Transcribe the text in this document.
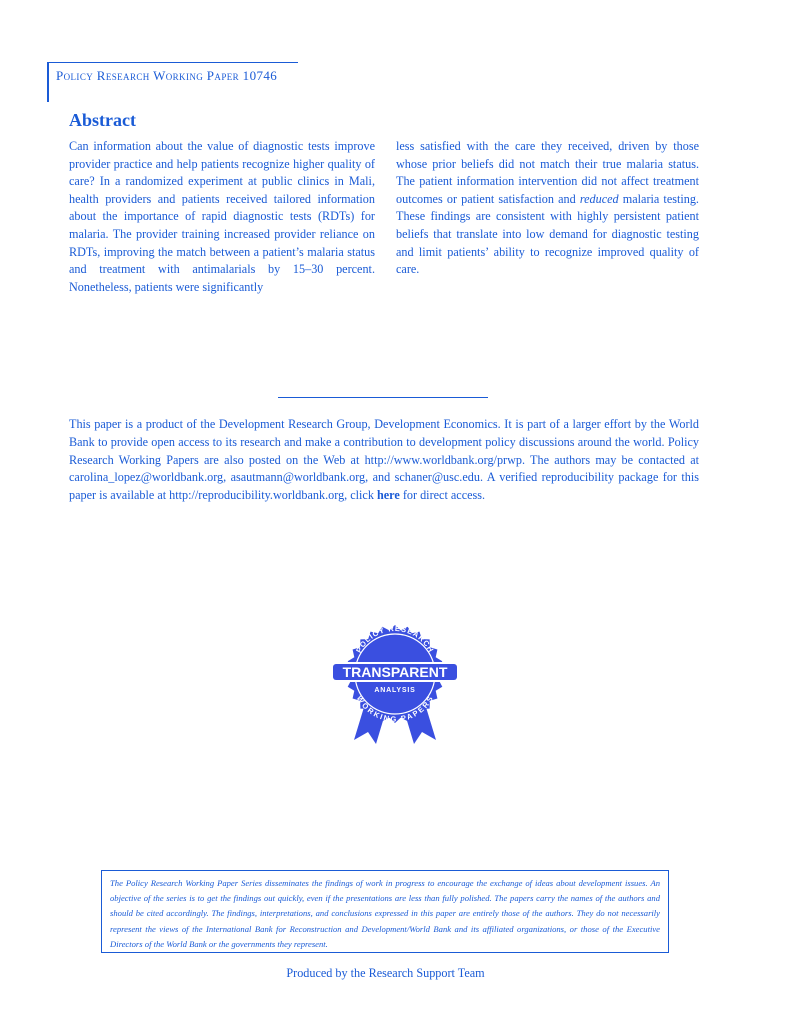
Policy Research Working Paper 10746
Abstract
Can information about the value of diagnostic tests improve provider practice and help patients recognize higher quality of care? In a randomized experiment at public clinics in Mali, health providers and patients received tailored information about the importance of rapid diagnostic tests (RDTs) for malaria. The provider training increased provider reliance on RDTs, improving the match between a patient’s malaria status and treatment with antimalarials by 15–30 percent. Nonetheless, patients were significantly
less satisfied with the care they received, driven by those whose prior beliefs did not match their true malaria status. The patient information intervention did not affect treatment outcomes or patient satisfaction and reduced malaria testing. These findings are consistent with highly persistent patient beliefs that translate into low demand for diagnostic testing and limit patients’ ability to recognize improved quality of care.
This paper is a product of the Development Research Group, Development Economics. It is part of a larger effort by the World Bank to provide open access to its research and make a contribution to development policy discussions around the world. Policy Research Working Papers are also posted on the Web at http://www.worldbank.org/prwp. The authors may be contacted at carolina_lopez@worldbank.org, asautmann@worldbank.org, and schaner@usc.edu. A verified reproducibility package for this paper is available at http://reproducibility.worldbank.org, click here for direct access.
POLICY RESEARCH
WORKING PAPERS
TRANSPARENT
ANALYSIS
The Policy Research Working Paper Series disseminates the findings of work in progress to encourage the exchange of ideas about development issues. An objective of the series is to get the findings out quickly, even if the presentations are less than fully polished. The papers carry the names of the authors and should be cited accordingly. The findings, interpretations, and conclusions expressed in this paper are entirely those of the authors. They do not necessarily represent the views of the International Bank for Reconstruction and Development/World Bank and its affiliated organizations, or those of the Executive Directors of the World Bank or the governments they represent.
Produced by the Research Support Team
